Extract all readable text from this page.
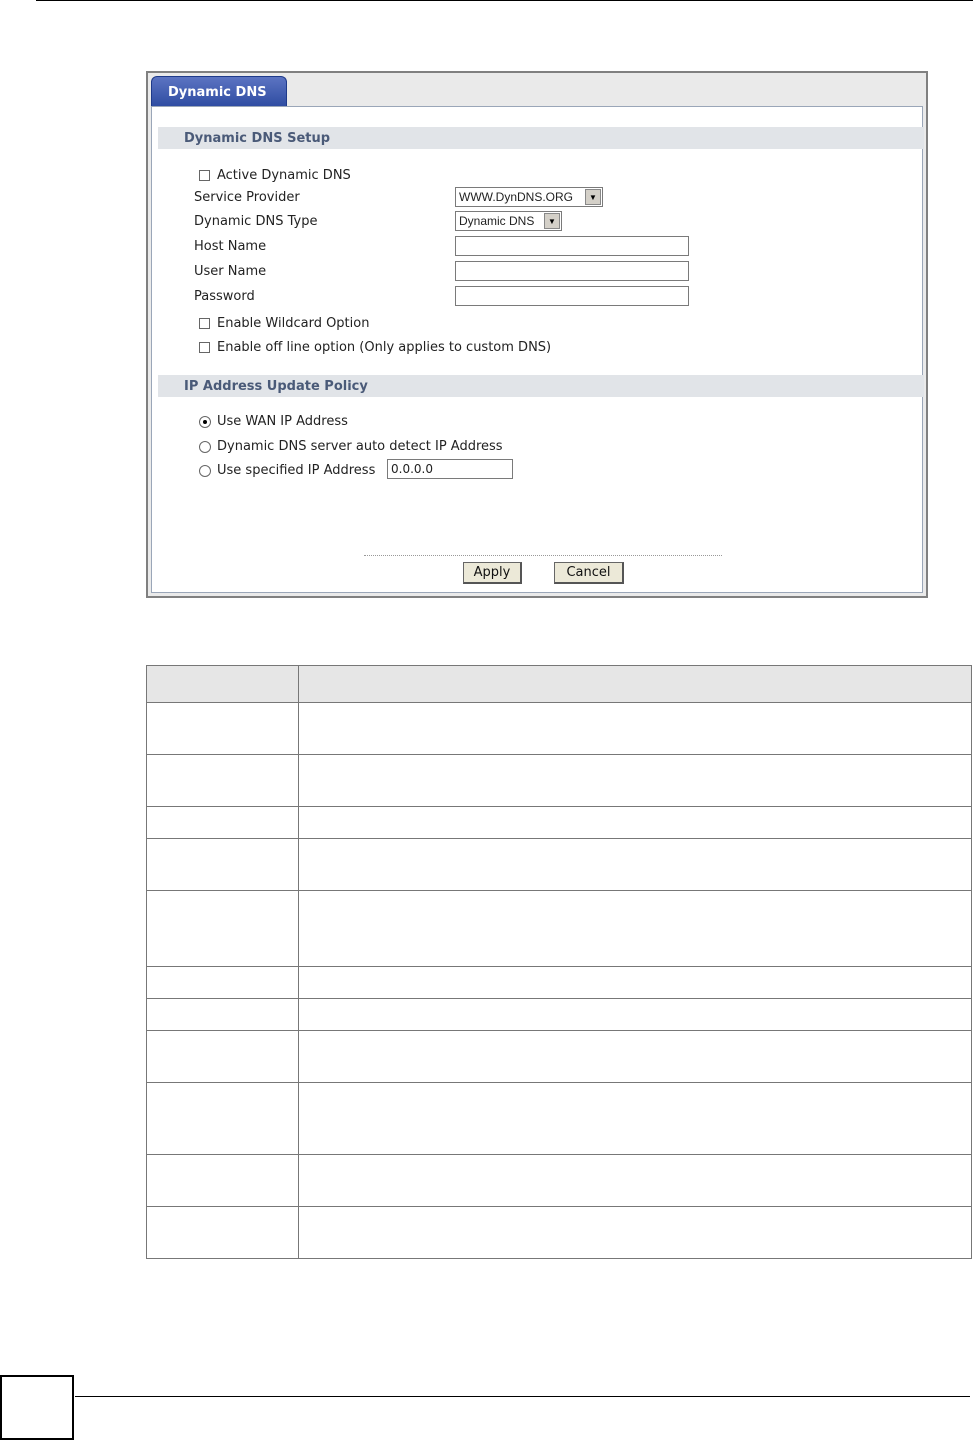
Dynamic DNS
Dynamic DNS Setup
Active Dynamic DNS
Service Provider	WWW.DynDNS.ORG	▼
Dynamic DNS Type	Dynamic DNS	▼
Host Name
User Name
Password
Enable Wildcard Option
Enable off line option (Only applies to custom DNS)
IP Address Update Policy
Use WAN IP Address
Dynamic DNS server auto detect IP Address
Use specified IP Address 0.0.0.0
Apply	Cancel
